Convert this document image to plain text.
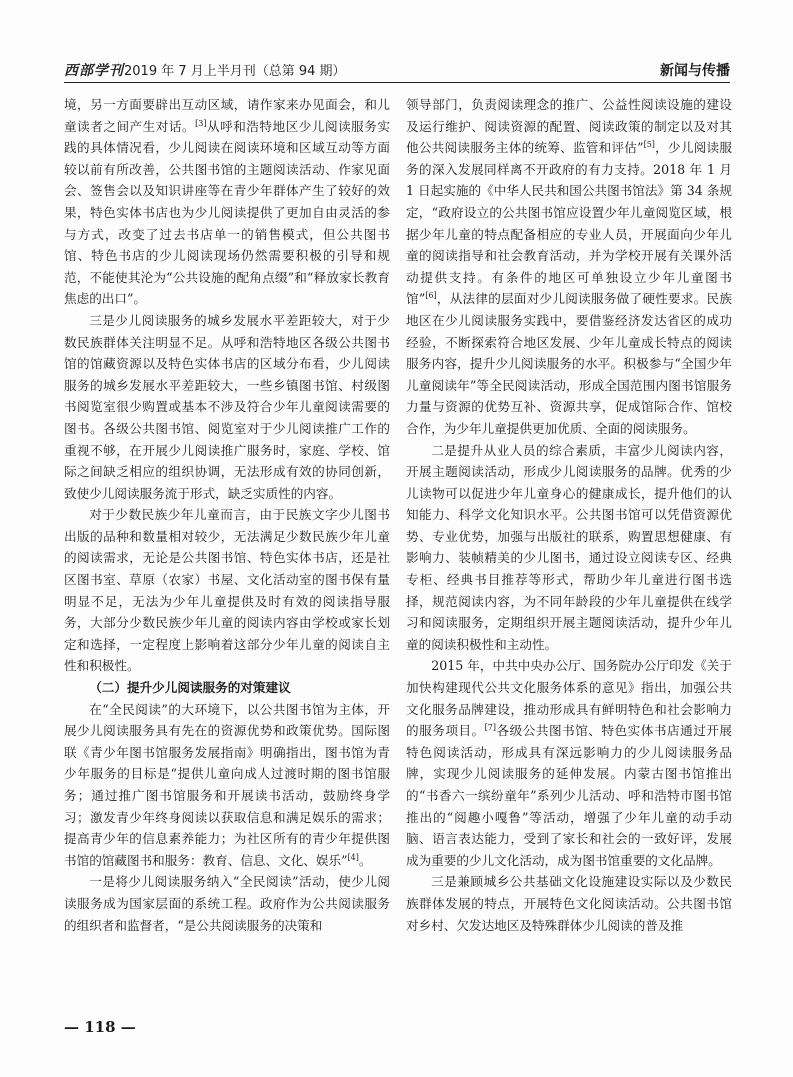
西部学刊2019 年 7 月上半月刊（总第 94 期）	新闻与传播

境，另一方面要辟出互动区域，请作家来办见面会，和儿童读者之间产生对话。[3]从呼和浩特地区少儿阅读服务实践的具体情况看，少儿阅读在阅读环境和区域互动等方面较以前有所改善，公共图书馆的主题阅读活动、作家见面会、签售会以及知识讲座等在青少年群体产生了较好的效果，特色实体书店也为少儿阅读提供了更加自由灵活的参与方式，改变了过去书店单一的销售模式，但公共图书馆、特色书店的少儿阅读现场仍然需要积极的引导和规范，不能使其沦为“公共设施的配角点缀”和“释放家长教育焦虑的出口”。

三是少儿阅读服务的城乡发展水平差距较大，对于少数民族群体关注明显不足。从呼和浩特地区各级公共图书馆的馆藏资源以及特色实体书店的区域分布看，少儿阅读服务的城乡发展水平差距较大，一些乡镇图书馆、村级图书阅览室很少购置或基本不涉及符合少年儿童阅读需要的图书。各级公共图书馆、阅览室对于少儿阅读推广工作的重视不够，在开展少儿阅读推广服务时，家庭、学校、馆际之间缺乏相应的组织协调，无法形成有效的协同创新，致使少儿阅读服务流于形式，缺乏实质性的内容。

对于少数民族少年儿童而言，由于民族文字少儿图书出版的品种和数量相对较少，无法满足少数民族少年儿童的阅读需求，无论是公共图书馆、特色实体书店，还是社区图书室、草原（农家）书屋、文化活动室的图书保有量明显不足，无法为少年儿童提供及时有效的阅读指导服务，大部分少数民族少年儿童的阅读内容由学校或家长划定和选择，一定程度上影响着这部分少年儿童的阅读自主性和积极性。

（二）提升少儿阅读服务的对策建议

在“全民阅读”的大环境下，以公共图书馆为主体，开展少儿阅读服务具有先在的资源优势和政策优势。国际图联《青少年图书馆服务发展指南》明确指出，图书馆为青少年服务的目标是“提供儿童向成人过渡时期的图书馆服务；通过推广图书馆服务和开展读书活动，鼓励终身学习；激发青少年终身阅读以获取信息和满足娱乐的需求；提高青少年的信息素养能力；为社区所有的青少年提供图书馆的馆藏图书和服务：教育、信息、文化、娱乐”[4]。

一是将少儿阅读服务纳入“全民阅读”活动，使少儿阅读服务成为国家层面的系统工程。政府作为公共阅读服务的组织者和监督者，“是公共阅读服务的决策和

领导部门，负责阅读理念的推广、公益性阅读设施的建设及运行维护、阅读资源的配置、阅读政策的制定以及对其他公共阅读服务主体的统筹、监管和评估”[5]，少儿阅读服务的深入发展同样离不开政府的有力支持。2018 年 1 月 1 日起实施的《中华人民共和国公共图书馆法》第 34 条规定，“政府设立的公共图书馆应设置少年儿童阅览区域，根据少年儿童的特点配备相应的专业人员，开展面向少年儿童的阅读指导和社会教育活动，并为学校开展有关课外活动提供支持。有条件的地区可单独设立少年儿童图书馆”[6]，从法律的层面对少儿阅读服务做了硬性要求。民族地区在少儿阅读服务实践中，要借鉴经济发达省区的成功经验，不断探索符合地区发展、少年儿童成长特点的阅读服务内容，提升少儿阅读服务的水平。积极参与“全国少年儿童阅读年”等全民阅读活动，形成全国范围内图书馆服务力量与资源的优势互补、资源共享，促成馆际合作、馆校合作，为少年儿童提供更加优质、全面的阅读服务。

二是提升从业人员的综合素质，丰富少儿阅读内容，开展主题阅读活动，形成少儿阅读服务的品牌。优秀的少儿读物可以促进少年儿童身心的健康成长，提升他们的认知能力、科学文化知识水平。公共图书馆可以凭借资源优势、专业优势，加强与出版社的联系，购置思想健康、有影响力、装帧精美的少儿图书，通过设立阅读专区、经典专柜、经典书目推荐等形式，帮助少年儿童进行图书选择，规范阅读内容，为不同年龄段的少年儿童提供在线学习和阅读服务，定期组织开展主题阅读活动，提升少年儿童的阅读积极性和主动性。

2015 年，中共中央办公厅、国务院办公厅印发《关于加快构建现代公共文化服务体系的意见》指出，加强公共文化服务品牌建设，推动形成具有鲜明特色和社会影响力的服务项目。[7]各级公共图书馆、特色实体书店通过开展特色阅读活动，形成具有深远影响力的少儿阅读服务品牌，实现少儿阅读服务的延伸发展。内蒙古图书馆推出的“书香六一缤纷童年”系列少儿活动、呼和浩特市图书馆推出的“阅趣小嘎鲁”等活动，增强了少年儿童的动手动脑、语言表达能力，受到了家长和社会的一致好评，发展成为重要的少儿文化活动，成为图书馆重要的文化品牌。

三是兼顾城乡公共基础文化设施建设实际以及少数民族群体发展的特点，开展特色文化阅读活动。公共图书馆对乡村、欠发达地区及特殊群体少儿阅读的普及推

— 118 —
